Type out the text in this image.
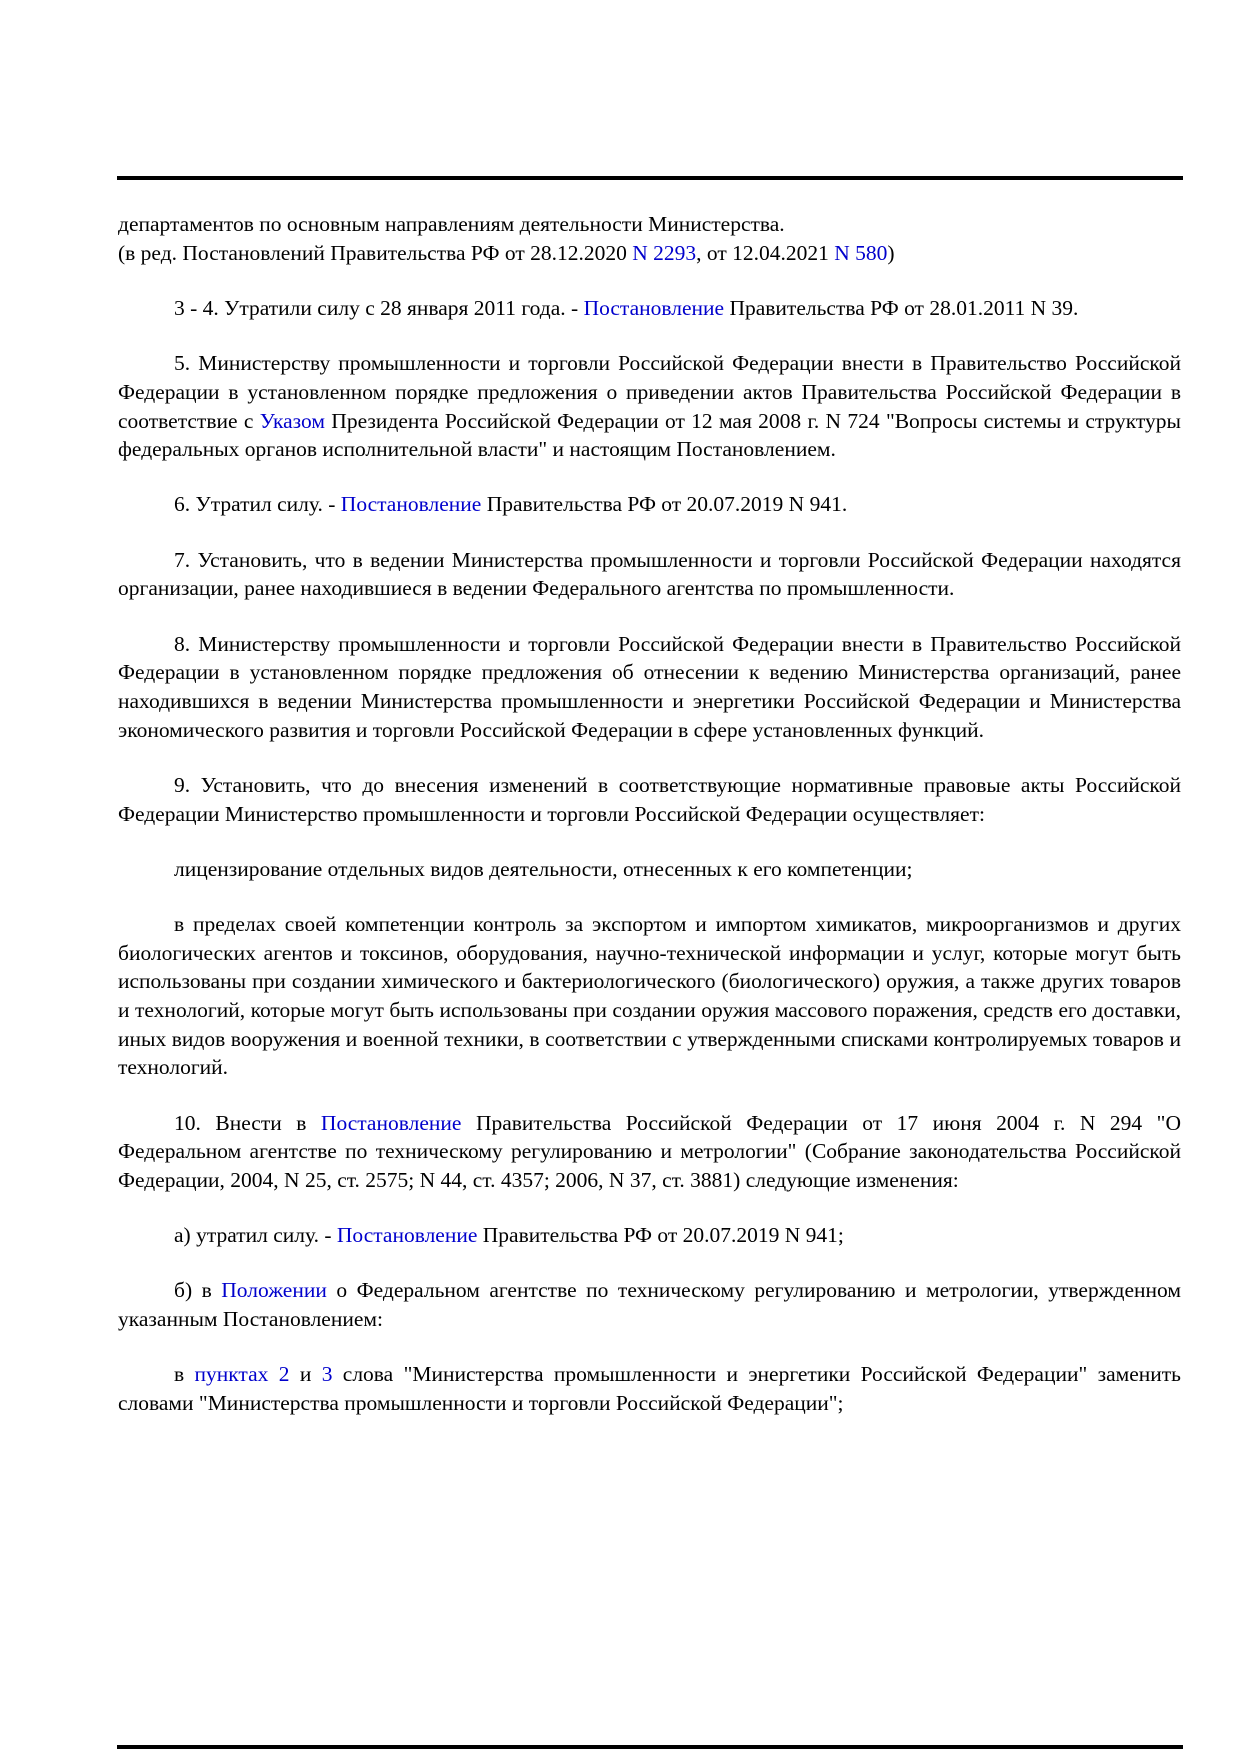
департаментов по основным направлениям деятельности Министерства.

(в ред. Постановлений Правительства РФ от 28.12.2020 N 2293, от 12.04.2021 N 580)

3 - 4. Утратили силу с 28 января 2011 года. - Постановление Правительства РФ от 28.01.2011 N 39.

5. Министерству промышленности и торговли Российской Федерации внести в Правительство Российской Федерации в установленном порядке предложения о приведении актов Правительства Российской Федерации в соответствие с Указом Президента Российской Федерации от 12 мая 2008 г. N 724 "Вопросы системы и структуры федеральных органов исполнительной власти" и настоящим Постановлением.

6. Утратил силу. - Постановление Правительства РФ от 20.07.2019 N 941.

7. Установить, что в ведении Министерства промышленности и торговли Российской Федерации находятся организации, ранее находившиеся в ведении Федерального агентства по промышленности.

8. Министерству промышленности и торговли Российской Федерации внести в Правительство Российской Федерации в установленном порядке предложения об отнесении к ведению Министерства организаций, ранее находившихся в ведении Министерства промышленности и энергетики Российской Федерации и Министерства экономического развития и торговли Российской Федерации в сфере установленных функций.

9. Установить, что до внесения изменений в соответствующие нормативные правовые акты Российской Федерации Министерство промышленности и торговли Российской Федерации осуществляет:

лицензирование отдельных видов деятельности, отнесенных к его компетенции;

в пределах своей компетенции контроль за экспортом и импортом химикатов, микроорганизмов и других биологических агентов и токсинов, оборудования, научно-технической информации и услуг, которые могут быть использованы при создании химического и бактериологического (биологического) оружия, а также других товаров и технологий, которые могут быть использованы при создании оружия массового поражения, средств его доставки, иных видов вооружения и военной техники, в соответствии с утвержденными списками контролируемых товаров и технологий.

10. Внести в Постановление Правительства Российской Федерации от 17 июня 2004 г. N 294 "О Федеральном агентстве по техническому регулированию и метрологии" (Собрание законодательства Российской Федерации, 2004, N 25, ст. 2575; N 44, ст. 4357; 2006, N 37, ст. 3881) следующие изменения:

а) утратил силу. - Постановление Правительства РФ от 20.07.2019 N 941;

б) в Положении о Федеральном агентстве по техническому регулированию и метрологии, утвержденном указанным Постановлением:

в пунктах 2 и 3 слова "Министерства промышленности и энергетики Российской Федерации" заменить словами "Министерства промышленности и торговли Российской Федерации";
